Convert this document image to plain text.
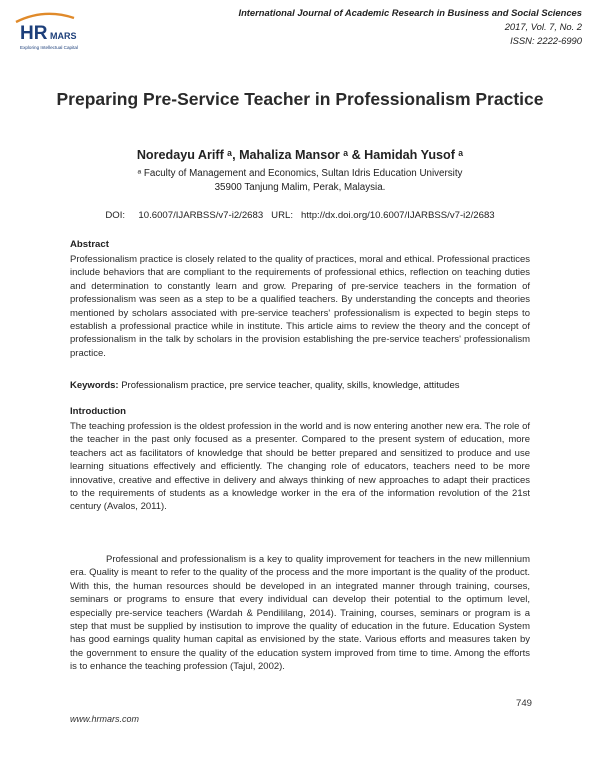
HR MARS
Exploring Intellectual Capital
International Journal of Academic Research in Business and Social Sciences
2017, Vol. 7, No. 2
ISSN: 2222-6990
Preparing Pre-Service Teacher in Professionalism Practice
Noredayu Ariff ᵃ, Mahaliza Mansor ᵃ & Hamidah Yusof ᵃ
ᵃ Faculty of Management and Economics, Sultan Idris Education University
35900 Tanjung Malim, Perak, Malaysia.
DOI:     10.6007/IJARBSS/v7-i2/2683   URL:   http://dx.doi.org/10.6007/IJARBSS/v7-i2/2683
Abstract
Professionalism practice is closely related to the quality of practices, moral and ethical. Professional practices include behaviors that are compliant to the requirements of professional ethics, reflection on teaching duties and determination to constantly learn and grow. Preparing of pre-service teachers in the formation of professionalism was seen as a step to be a qualified teachers. By understanding the concepts and theories mentioned by scholars associated with pre-service teachers' professionalism is expected to begin steps to establish a professional practice while in institute. This article aims to review the theory and the concept of professionalism in the talk by scholars in the provision establishing the pre-service teachers' professionalism practice.
Keywords: Professionalism practice, pre service teacher, quality, skills, knowledge, attitudes
Introduction
The teaching profession is the oldest profession in the world and is now entering another new era. The role of the teacher in the past only focused as a presenter. Compared to the present system of education, more teachers act as facilitators of knowledge that should be better prepared and sensitized to produce and use learning situations effectively and efficiently. The changing role of educators, teachers need to be more innovative, creative and effective in delivery and always thinking of new approaches to adapt their practices to the requirements of students as a knowledge worker in the era of the information revolution of the 21st century (Avalos, 2011).
Professional and professionalism is a key to quality improvement for teachers in the new millennium era. Quality is meant to refer to the quality of the process and the more important is the quality of the product. With this, the human resources should be developed in an integrated manner through training, courses, seminars or programs to ensure that every individual can develop their potential to the optimum level, especially pre-service teachers (Wardah & Pendililang, 2014). Training, courses, seminars or program is a step that must be supplied by instisution to improve the quality of education in the future. Education System has good earnings quality human capital as envisioned by the state. Various efforts and measures taken by the government to ensure the quality of the education system improved from time to time. Among the efforts is to enhance the teaching profession (Tajul, 2002).
749
www.hrmars.com
